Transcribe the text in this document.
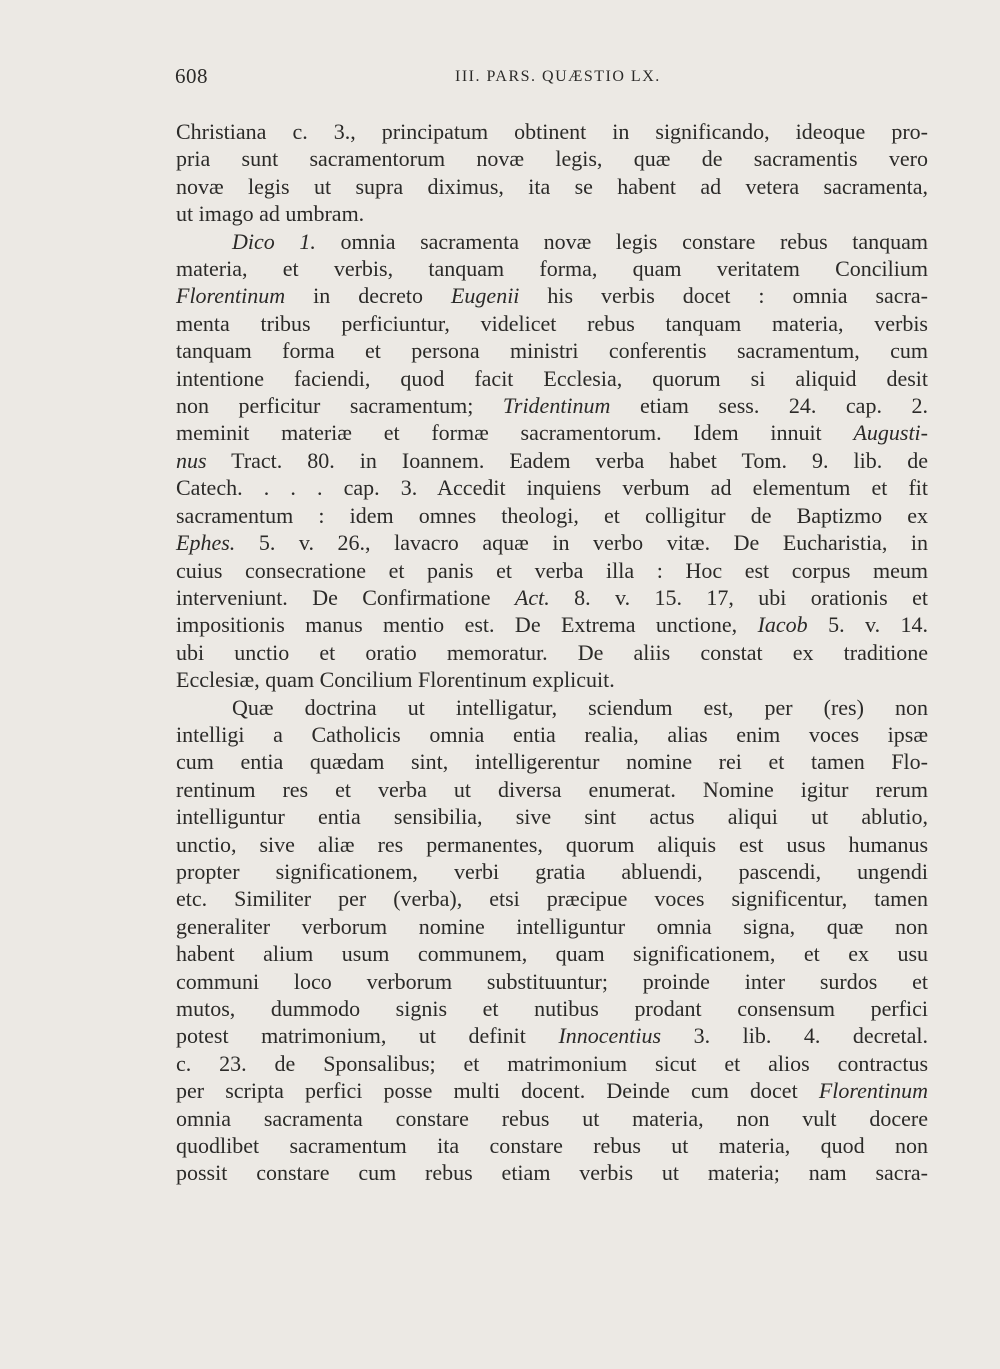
608	III. PARS. QUÆSTIO LX.
Christiana c. 3., principatum obtinent in significando, ideoque pro-
pria sunt sacramentorum novæ legis, quæ de sacramentis vero
novæ legis ut supra diximus, ita se habent ad vetera sacramenta,
ut imago ad umbram.
Dico 1. omnia sacramenta novæ legis constare rebus tanquam
materia, et verbis, tanquam forma, quam veritatem Concilium
Florentinum in decreto Eugenii his verbis docet : omnia sacra-
menta tribus perficiuntur, videlicet rebus tanquam materia, verbis
tanquam forma et persona ministri conferentis sacramentum, cum
intentione faciendi, quod facit Ecclesia, quorum si aliquid desit
non perficitur sacramentum; Tridentinum etiam sess. 24. cap. 2.
meminit materiæ et formæ sacramentorum. Idem innuit Augusti-
nus Tract. 80. in Ioannem. Eadem verba habet Tom. 9. lib. de
Catech. . . . cap. 3. Accedit inquiens verbum ad elementum et fit
sacramentum : idem omnes theologi, et colligitur de Baptizmo ex
Ephes. 5. v. 26., lavacro aquæ in verbo vitæ. De Eucharistia, in
cuius consecratione et panis et verba illa : Hoc est corpus meum
interveniunt. De Confirmatione Act. 8. v. 15. 17, ubi orationis et
impositionis manus mentio est. De Extrema unctione, Iacob 5. v. 14.
ubi unctio et oratio memoratur. De aliis constat ex traditione
Ecclesiæ, quam Concilium Florentinum explicuit.
Quæ doctrina ut intelligatur, sciendum est, per (res) non
intelligi a Catholicis omnia entia realia, alias enim voces ipsæ
cum entia quædam sint, intelligerentur nomine rei et tamen Flo-
rentinum res et verba ut diversa enumerat. Nomine igitur rerum
intelliguntur entia sensibilia, sive sint actus aliqui ut ablutio,
unctio, sive aliæ res permanentes, quorum aliquis est usus humanus
propter significationem, verbi gratia abluendi, pascendi, ungendi
etc. Similiter per (verba), etsi præcipue voces significentur, tamen
generaliter verborum nomine intelliguntur omnia signa, quæ non
habent alium usum communem, quam significationem, et ex usu
communi loco verborum substituuntur; proinde inter surdos et
mutos, dummodo signis et nutibus prodant consensum perfici
potest matrimonium, ut definit Innocentius 3. lib. 4. decretal.
c. 23. de Sponsalibus; et matrimonium sicut et alios contractus
per scripta perfici posse multi docent. Deinde cum docet Florentinum
omnia sacramenta constare rebus ut materia, non vult docere
quodlibet sacramentum ita constare rebus ut materia, quod non
possit constare cum rebus etiam verbis ut materia; nam sacra-
